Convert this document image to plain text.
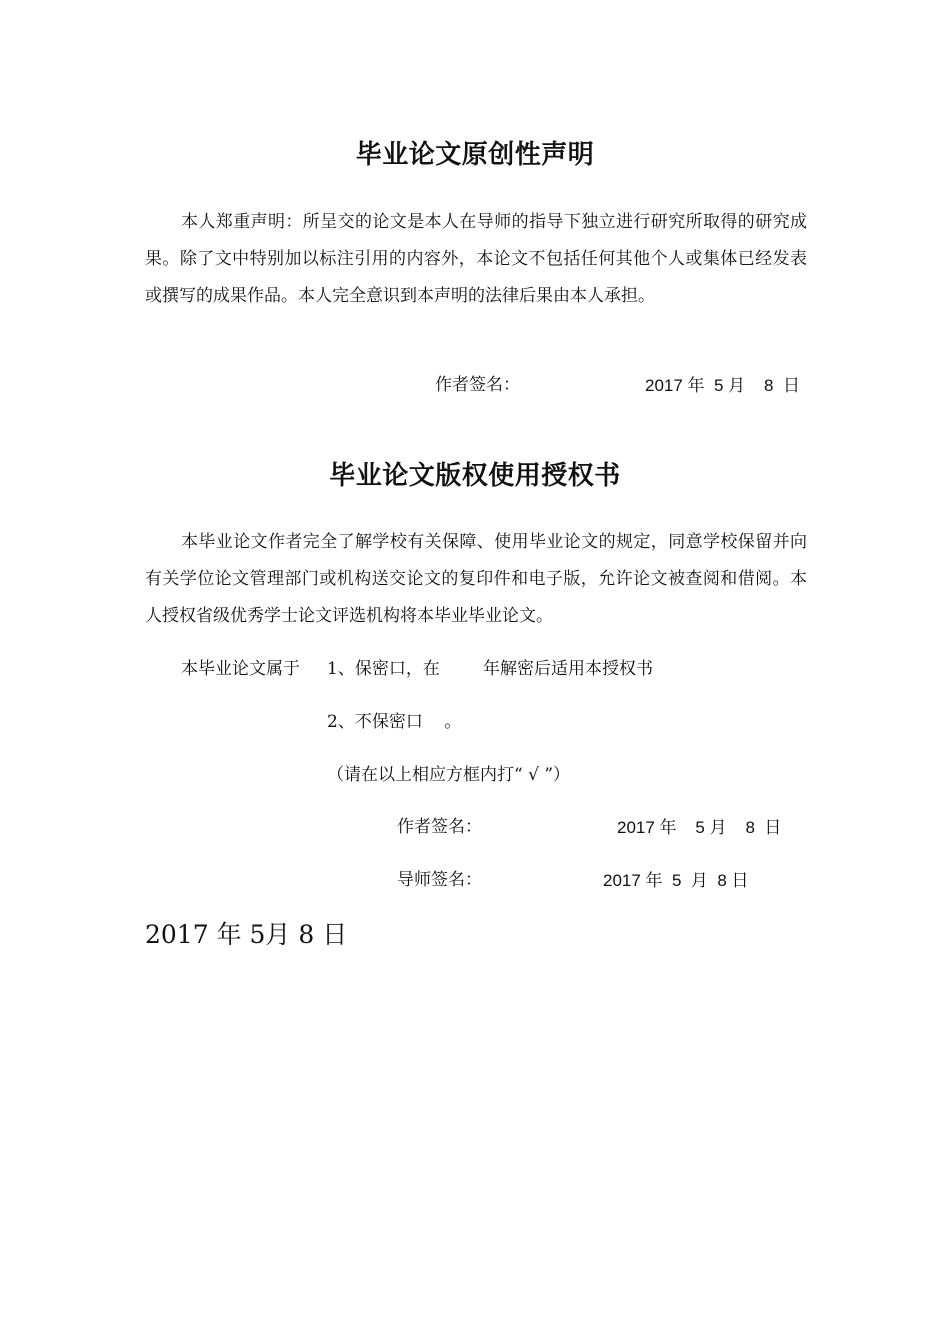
毕业论文原创性声明

本人郑重声明：所呈交的论文是本人在导师的指导下独立进行研究所取得的研究成果。除了文中特别加以标注引用的内容外，本论文不包括任何其他个人或集体已经发表或撰写的成果作品。本人完全意识到本声明的法律后果由本人承担。

作者签名：	2017 年  5 月    8  日
毕业论文版权使用授权书

本毕业论文作者完全了解学校有关保障、使用毕业论文的规定，同意学校保留并向有关学位论文管理部门或机构送交论文的复印件和电子版，允许论文被查阅和借阅。本人授权省级优秀学士论文评选机构将本毕业毕业论文。

本毕业论文属于 1、保密口，在        年解密后适用本授权书
2、不保密口    。
（请在以上相应方框内打“ √ ”）
作者签名：	2017 年    5 月    8  日
导师签名：	2017 年  5  月  8 日
2017 年 5月 8 日
